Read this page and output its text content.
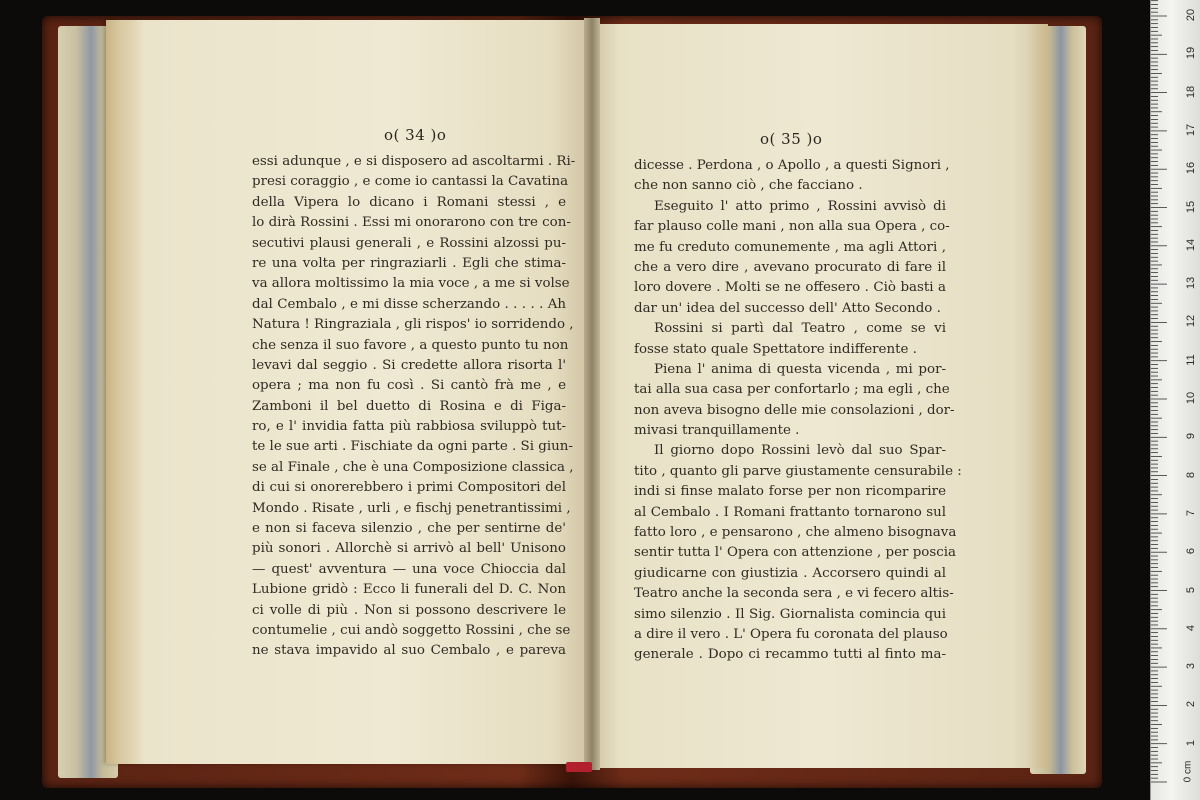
o( 34 )o	o( 35 )o
essi adunque , e si disposero ad ascoltarmi . Ri-
presi coraggio , e come io cantassi la Cavatina
della Vipera lo dicano i Romani stessi , e
lo dirà Rossini . Essi mi onorarono con tre con-
secutivi plausi generali , e Rossini alzossi pu-
re una volta per ringraziarli . Egli che stima-
va allora moltissimo la mia voce , a me si volse
dal Cembalo , e mi disse scherzando . . . . . Ah
Natura ! Ringraziala , gli rispos' io sorridendo ,
che senza il suo favore , a questo punto tu non
levavi dal seggio . Si credette allora risorta l'
opera ; ma non fu così . Si cantò frà me , e
Zamboni il bel duetto di Rosina e di Figa-
ro, e l' invidia fatta più rabbiosa sviluppò tut-
te le sue arti . Fischiate da ogni parte . Si giun-
se al Finale , che è una Composizione classica ,
di cui si onorerebbero i primi Compositori del
Mondo . Risate , urli , e fischj penetrantissimi ,
e non si faceva silenzio , che per sentirne de'
più sonori . Allorchè si arrivò al bell' Unisono
— quest' avventura — una voce Chioccia dal
Lubione gridò : Ecco li funerali del D. C. Non
ci volle di più . Non si possono descrivere le
contumelie , cui andò soggetto Rossini , che se
ne stava impavido al suo Cembalo , e pareva
dicesse . Perdona , o Apollo , a questi Signori ,
che non sanno ciò , che facciano .
Eseguito l' atto primo , Rossini avvisò di
far plauso colle mani , non alla sua Opera , co-
me fu creduto comunemente , ma agli Attori ,
che a vero dire , avevano procurato di fare il
loro dovere . Molti se ne offesero . Ciò basti a
dar un' idea del successo dell' Atto Secondo .
Rossini si partì dal Teatro , come se vi
fosse stato quale Spettatore indifferente .
Piena l' anima di questa vicenda , mi por-
tai alla sua casa per confortarlo ; ma egli , che
non aveva bisogno delle mie consolazioni , dor-
mivasi tranquillamente .
Il giorno dopo Rossini levò dal suo Spar-
tito , quanto gli parve giustamente censurabile :
indi si finse malato forse per non ricomparire
al Cembalo . I Romani frattanto tornarono sul
fatto loro , e pensarono , che almeno bisognava
sentir tutta l' Opera con attenzione , per poscia
giudicarne con giustizia . Accorsero quindi al
Teatro anche la seconda sera , e vi fecero altis-
simo silenzio . Il Sig. Giornalista comincia qui
a dire il vero . L' Opera fu coronata del plauso
generale . Dopo ci recammo tutti al finto ma-
0 cm
1
2
3
4
5
6
7
8
9
10
11
12
13
14
15
16
17
18
19
20
